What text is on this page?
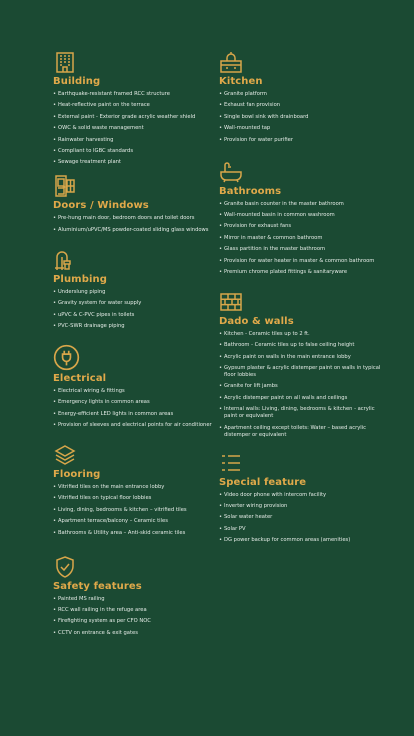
Building
• Earthquake-resistant framed RCC structure
• Heat-reflective paint on the terrace
• External paint - Exterior grade acrylic weather shield
• OWC & solid waste management
• Rainwater harvesting
• Compliant to IGBC standards
• Sewage treatment plant
Doors / Windows
• Pre-hung main door, bedroom doors and toilet doors
• Aluminium/uPVC/MS powder-coated sliding glass windows
Plumbing
• Underslung piping
• Gravity system for water supply
• uPVC & C-PVC pipes in toilets
• PVC-SWR drainage piping
Electrical
• Electrical wiring & fittings
• Emergency lights in common areas
• Energy-efficient LED lights in common areas
• Provision of sleeves and electrical points for air conditioner
Flooring
• Vitrified tiles on the main entrance lobby
• Vitrified tiles on typical floor lobbies
• Living, dining, bedrooms & kitchen – vitrified tiles
• Apartment terrace/balcony – Ceramic tiles
• Bathrooms & Utility area – Anti-skid ceramic tiles
Safety features
• Painted MS railing
• RCC wall railing in the refuge area
• Firefighting system as per CFO NOC
• CCTV on entrance & exit gates
Kitchen
• Granite platform
• Exhaust fan provision
• Single bowl sink with drainboard
• Wall-mounted tap
• Provision for water purifier
Bathrooms
• Granite basin counter in the master bathroom
• Wall-mounted basin in common washroom
• Provision for exhaust fans
• Mirror in master & common bathroom
• Glass partition in the master bathroom
• Provision for water heater in master & common bathroom
• Premium chrome plated fittings & sanitaryware
Dado & walls
• Kitchen - Ceramic tiles up to 2 ft.
• Bathroom - Ceramic tiles up to false ceiling height
• Acrylic paint on walls in the main entrance lobby
• Gypsum plaster & acrylic distemper paint on walls in typical floor lobbies
• Granite for lift jambs
• Acrylic distemper paint on all walls and ceilings
• Internal walls: Living, dining, bedrooms & kitchen - acrylic paint or equivalent
• Apartment ceiling except toilets: Water – based acrylic distemper or equivalent
Special feature
• Video door phone with intercom facility
• Inverter wiring provision
• Solar water heater
• Solar PV
• DG power backup for common areas (amenities)
